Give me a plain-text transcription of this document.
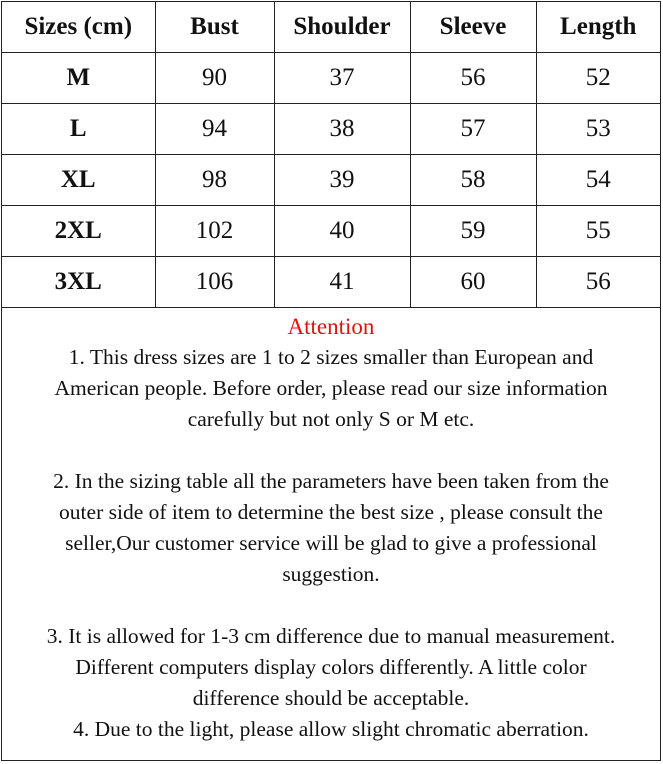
Sizes (cm)	Bust	Shoulder	Sleeve	Length
M	90	37	56	52
L	94	38	57	53
XL	98	39	58	54
2XL	102	40	59	55
3XL	106	41	60	56
Attention

1. This dress sizes are 1 to 2 sizes smaller than European and

American people. Before order, please read our size information

carefully but not only S or M etc.

2. In the sizing table all the parameters have been taken from the

outer side of item to determine the best size , please consult the

seller,Our customer service will be glad to give a professional

suggestion.

3. It is allowed for 1-3 cm difference due to manual measurement.

Different computers display colors differently. A little color

difference should be acceptable.

4. Due to the light, please allow slight chromatic aberration.
